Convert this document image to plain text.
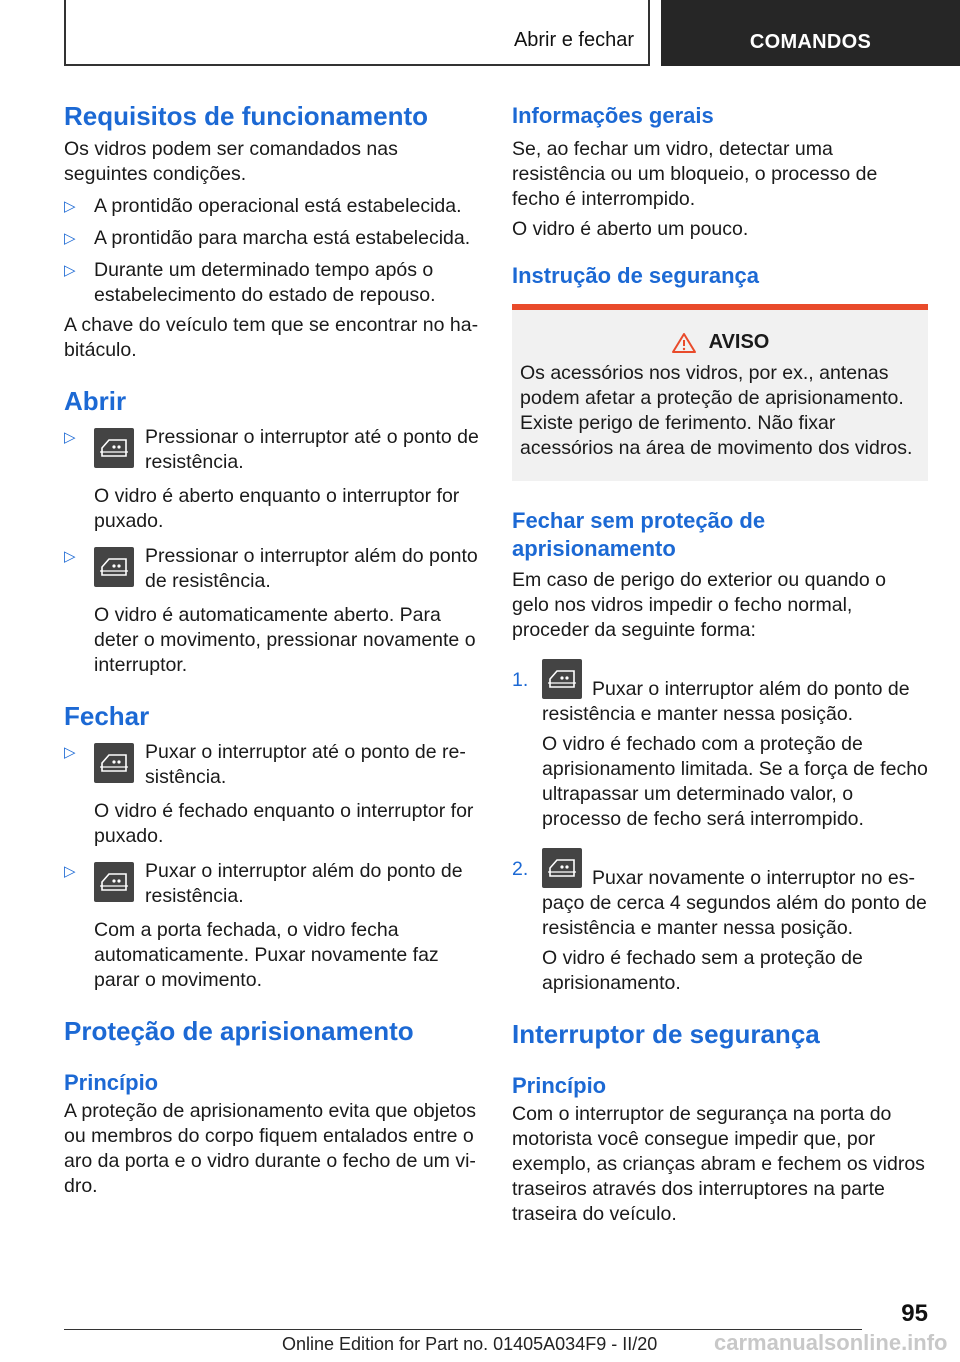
Abrir e fechar	COMANDOS
Requisitos de funcionamento

Os vidros podem ser comandados nas seguintes condições.

▷ A prontidão operacional está estabelecida.
▷ A prontidão para marcha está estabelecida.
▷ Durante um determinado tempo após o estabelecimento do estado de repouso.

A chave do veículo tem que se encontrar no habitáculo.

Abrir
▷	Pressionar o interruptor até o ponto de resistência.

O vidro é aberto enquanto o interruptor for puxado.

▷	Pressionar o interruptor além do ponto de resistência.

O vidro é automaticamente aberto. Para deter o movimento, pressionar novamente o interruptor.

Fechar
▷	Puxar o interruptor até o ponto de resistência.

O vidro é fechado enquanto o interruptor for puxado.

▷	Puxar o interruptor além do ponto de resistência.

Com a porta fechada, o vidro fecha automaticamente. Puxar novamente faz parar o movimento.

Proteção de aprisionamento
Princípio

A proteção de aprisionamento evita que objetos ou membros do corpo fiquem entalados entre o aro da porta e o vidro durante o fecho de um vidro.

Informações gerais

Se, ao fechar um vidro, detectar uma resistência ou um bloqueio, o processo de fecho é interrompido.

O vidro é aberto um pouco.

Instrução de segurança
AVISO
Os acessórios nos vidros, por ex., antenas podem afetar a proteção de aprisionamento. Existe perigo de ferimento. Não fixar acessórios na área de movimento dos vidros.
Fechar sem proteção de aprisionamento

Em caso de perigo do exterior ou quando o gelo nos vidros impedir o fecho normal, proceder da seguinte forma:

1.	Puxar o interruptor além do ponto de resistência e manter nessa posição.

O vidro é fechado com a proteção de aprisionamento limitada. Se a força de fecho ultrapassar um determinado valor, o processo de fecho será interrompido.

2.	Puxar novamente o interruptor no espaço de cerca 4 segundos além do ponto de resistência e manter nessa posição.

O vidro é fechado sem a proteção de aprisionamento.

Interruptor de segurança
Princípio

Com o interruptor de segurança na porta do motorista você consegue impedir que, por exemplo, as crianças abram e fechem os vidros traseiros através dos interruptores na parte traseira do veículo.

95
Online Edition for Part no. 01405A034F9 - II/20	carmanualsonline.info
